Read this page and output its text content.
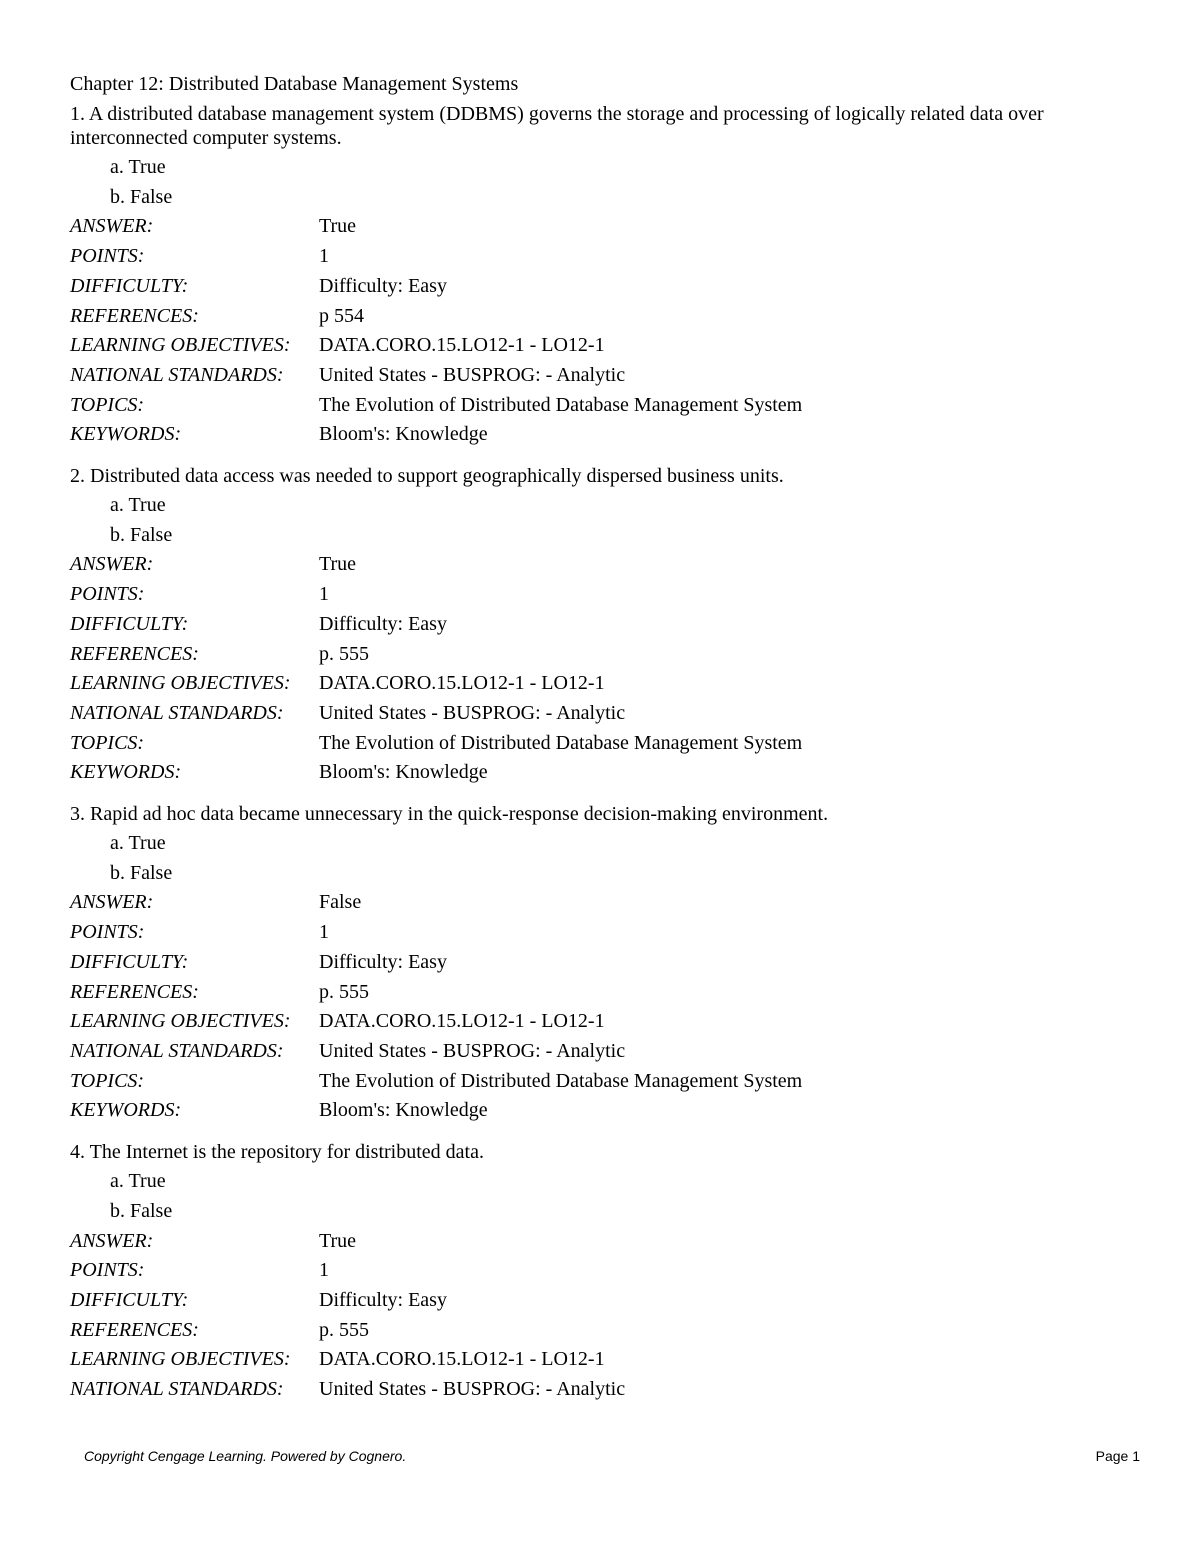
Chapter 12: Distributed Database Management Systems
1. A distributed database management system (DDBMS) governs the storage and processing of logically related data over interconnected computer systems.
a. True
b. False
ANSWER:	True
POINTS:	1
DIFFICULTY:	Difficulty: Easy
REFERENCES:	p 554
LEARNING OBJECTIVES:	DATA.CORO.15.LO12-1 - LO12-1
NATIONAL STANDARDS:	United States - BUSPROG: - Analytic
TOPICS:	The Evolution of Distributed Database Management System
KEYWORDS:	Bloom's: Knowledge
2. Distributed data access was needed to support geographically dispersed business units.
a. True
b. False
ANSWER:	True
POINTS:	1
DIFFICULTY:	Difficulty: Easy
REFERENCES:	p. 555
LEARNING OBJECTIVES:	DATA.CORO.15.LO12-1 - LO12-1
NATIONAL STANDARDS:	United States - BUSPROG: - Analytic
TOPICS:	The Evolution of Distributed Database Management System
KEYWORDS:	Bloom's: Knowledge
3. Rapid ad hoc data became unnecessary in the quick-response decision-making environment.
a. True
b. False
ANSWER:	False
POINTS:	1
DIFFICULTY:	Difficulty: Easy
REFERENCES:	p. 555
LEARNING OBJECTIVES:	DATA.CORO.15.LO12-1 - LO12-1
NATIONAL STANDARDS:	United States - BUSPROG: - Analytic
TOPICS:	The Evolution of Distributed Database Management System
KEYWORDS:	Bloom's: Knowledge
4. The Internet is the repository for distributed data.
a. True
b. False
ANSWER:	True
POINTS:	1
DIFFICULTY:	Difficulty: Easy
REFERENCES:	p. 555
LEARNING OBJECTIVES:	DATA.CORO.15.LO12-1 - LO12-1
NATIONAL STANDARDS:	United States - BUSPROG: - Analytic
Copyright Cengage Learning. Powered by Cognero.	Page 1
